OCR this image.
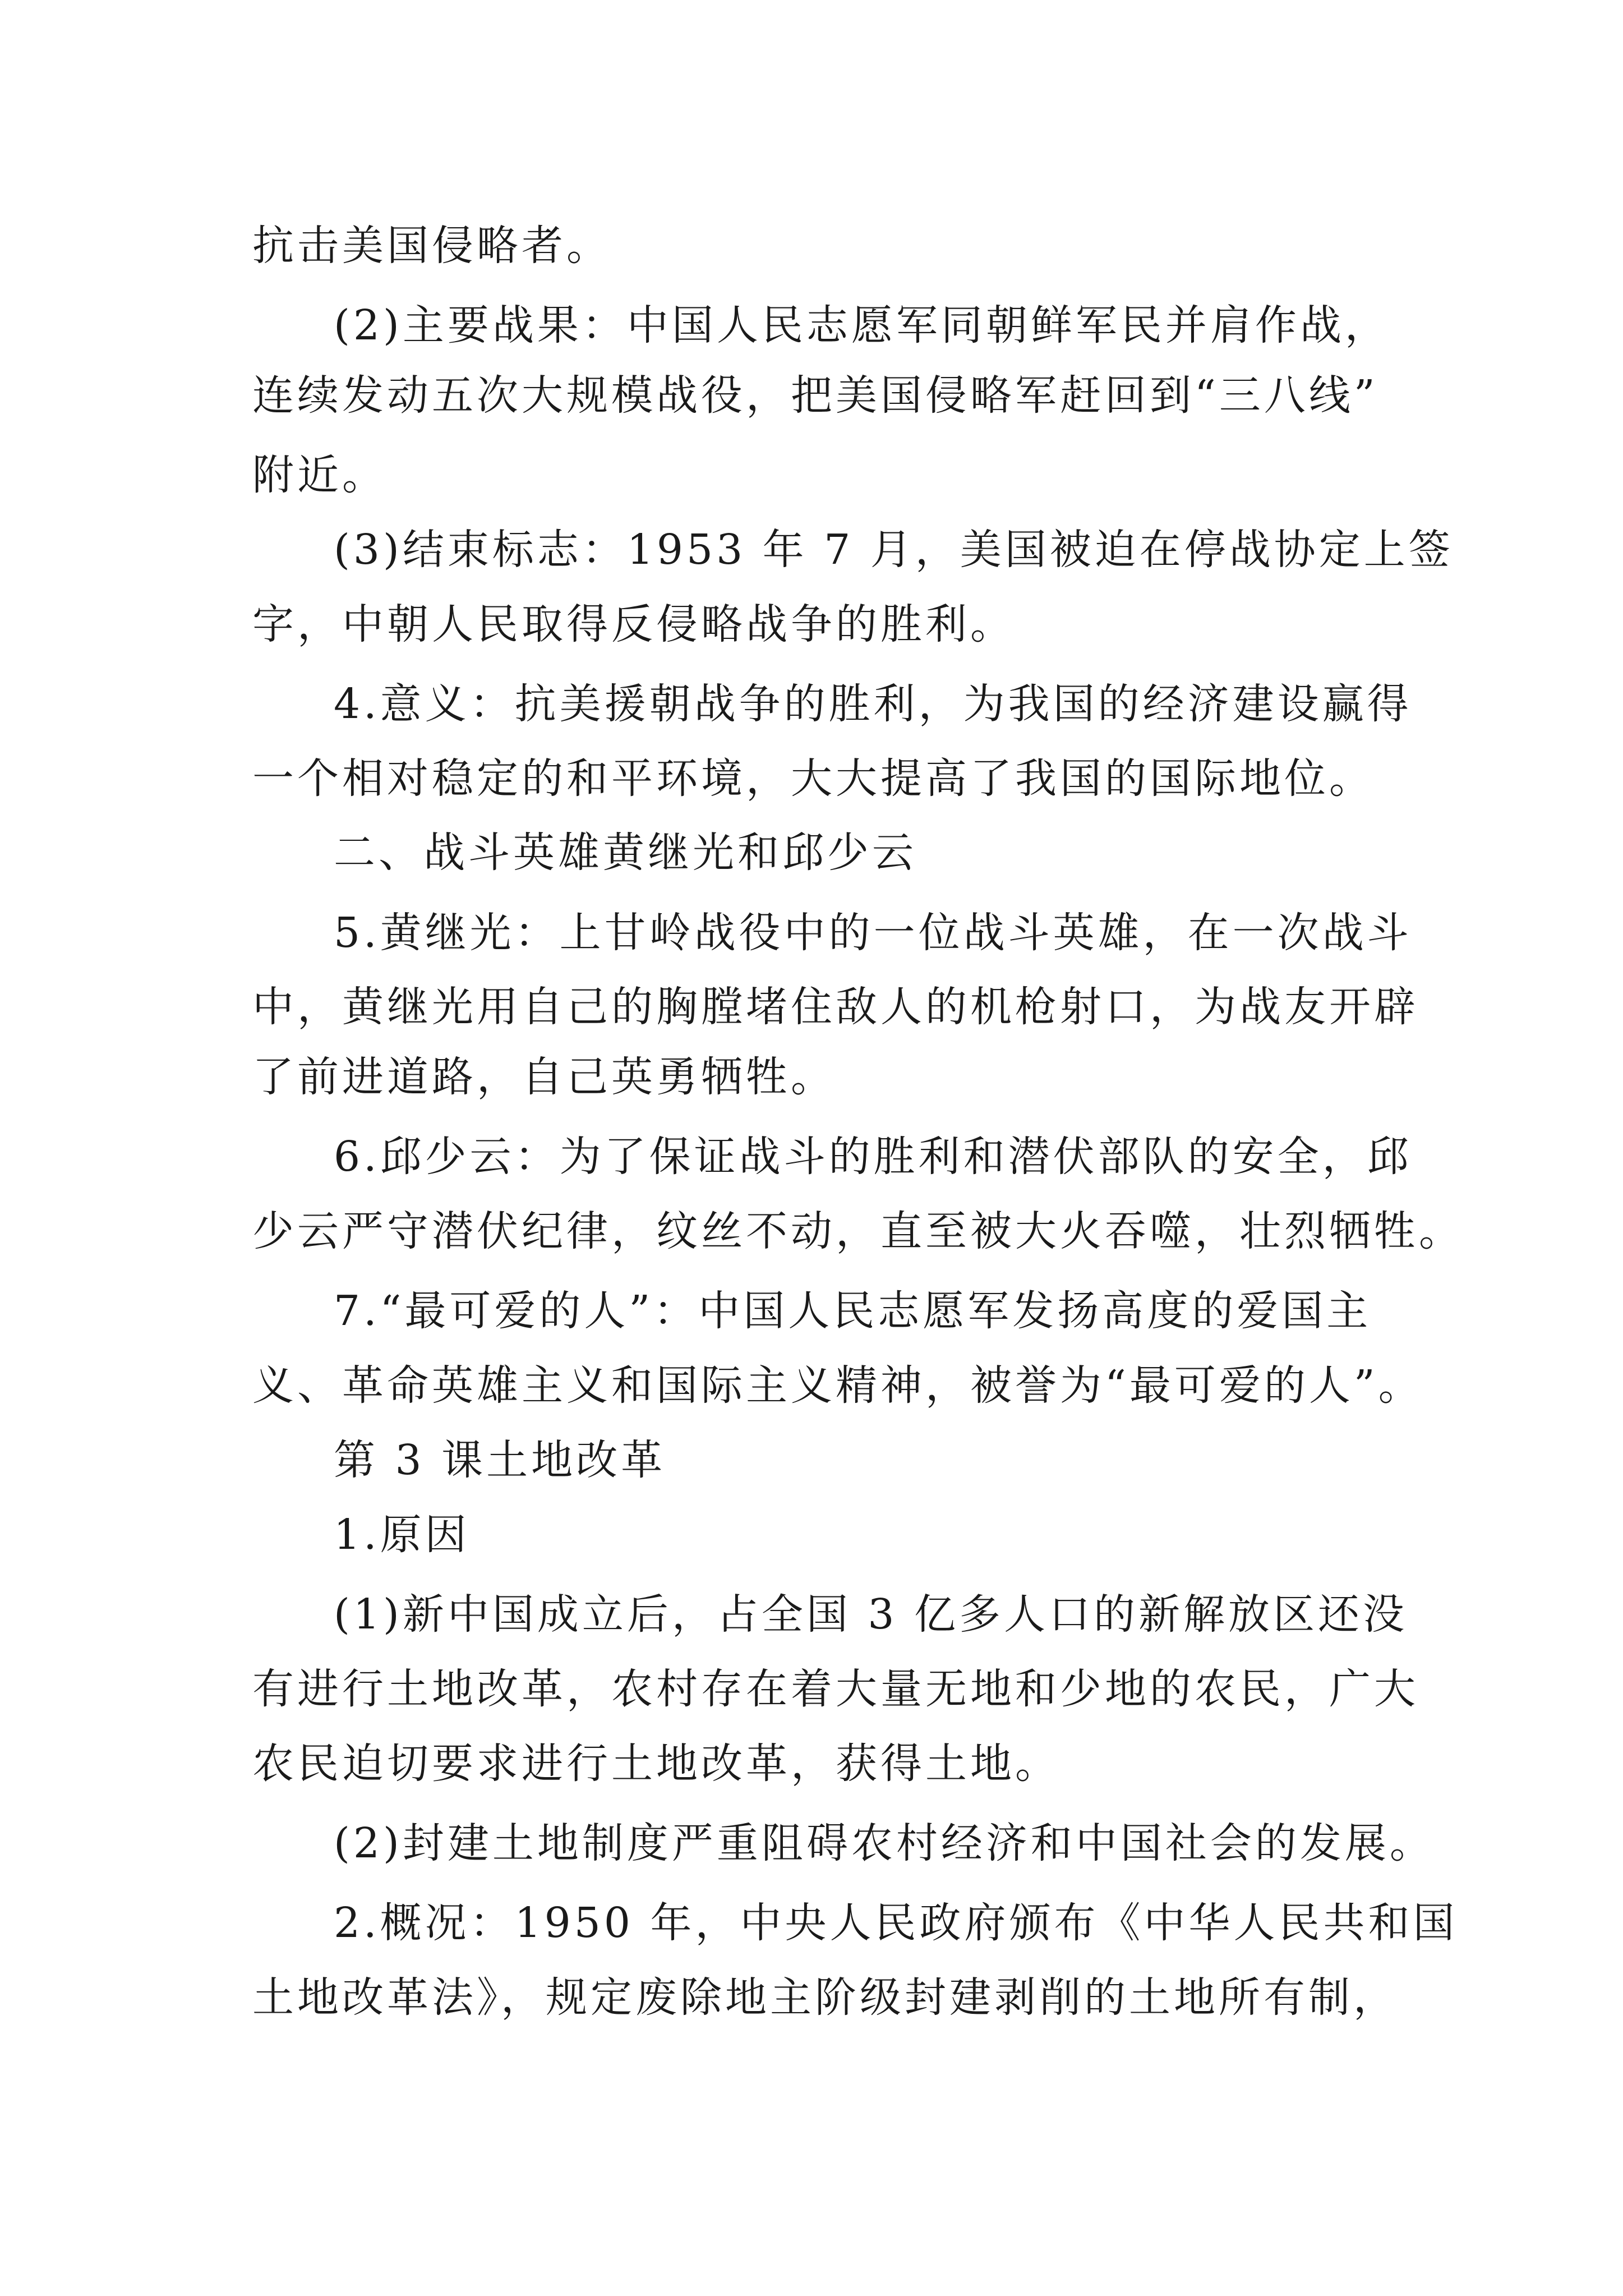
抗击美国侵略者。
(2)主要战果：中国人民志愿军同朝鲜军民并肩作战，
连续发动五次大规模战役，把美国侵略军赶回到“三八线”
附近。
(3)结束标志：1953 年 7 月，美国被迫在停战协定上签
字，中朝人民取得反侵略战争的胜利。
4.意义：抗美援朝战争的胜利，为我国的经济建设赢得
一个相对稳定的和平环境，大大提高了我国的国际地位。
二、战斗英雄黄继光和邱少云
5.黄继光：上甘岭战役中的一位战斗英雄，在一次战斗
中，黄继光用自己的胸膛堵住敌人的机枪射口，为战友开辟
了前进道路，自己英勇牺牲。
6.邱少云：为了保证战斗的胜利和潜伏部队的安全，邱
少云严守潜伏纪律，纹丝不动，直至被大火吞噬，壮烈牺牲。
7.“最可爱的人”：中国人民志愿军发扬高度的爱国主
义、革命英雄主义和国际主义精神，被誉为“最可爱的人”。
第 3 课土地改革
1.原因
(1)新中国成立后，占全国 3 亿多人口的新解放区还没
有进行土地改革，农村存在着大量无地和少地的农民，广大
农民迫切要求进行土地改革，获得土地。
(2)封建土地制度严重阻碍农村经济和中国社会的发展。
2.概况：1950 年，中央人民政府颁布《中华人民共和国
土地改革法》，规定废除地主阶级封建剥削的土地所有制，
